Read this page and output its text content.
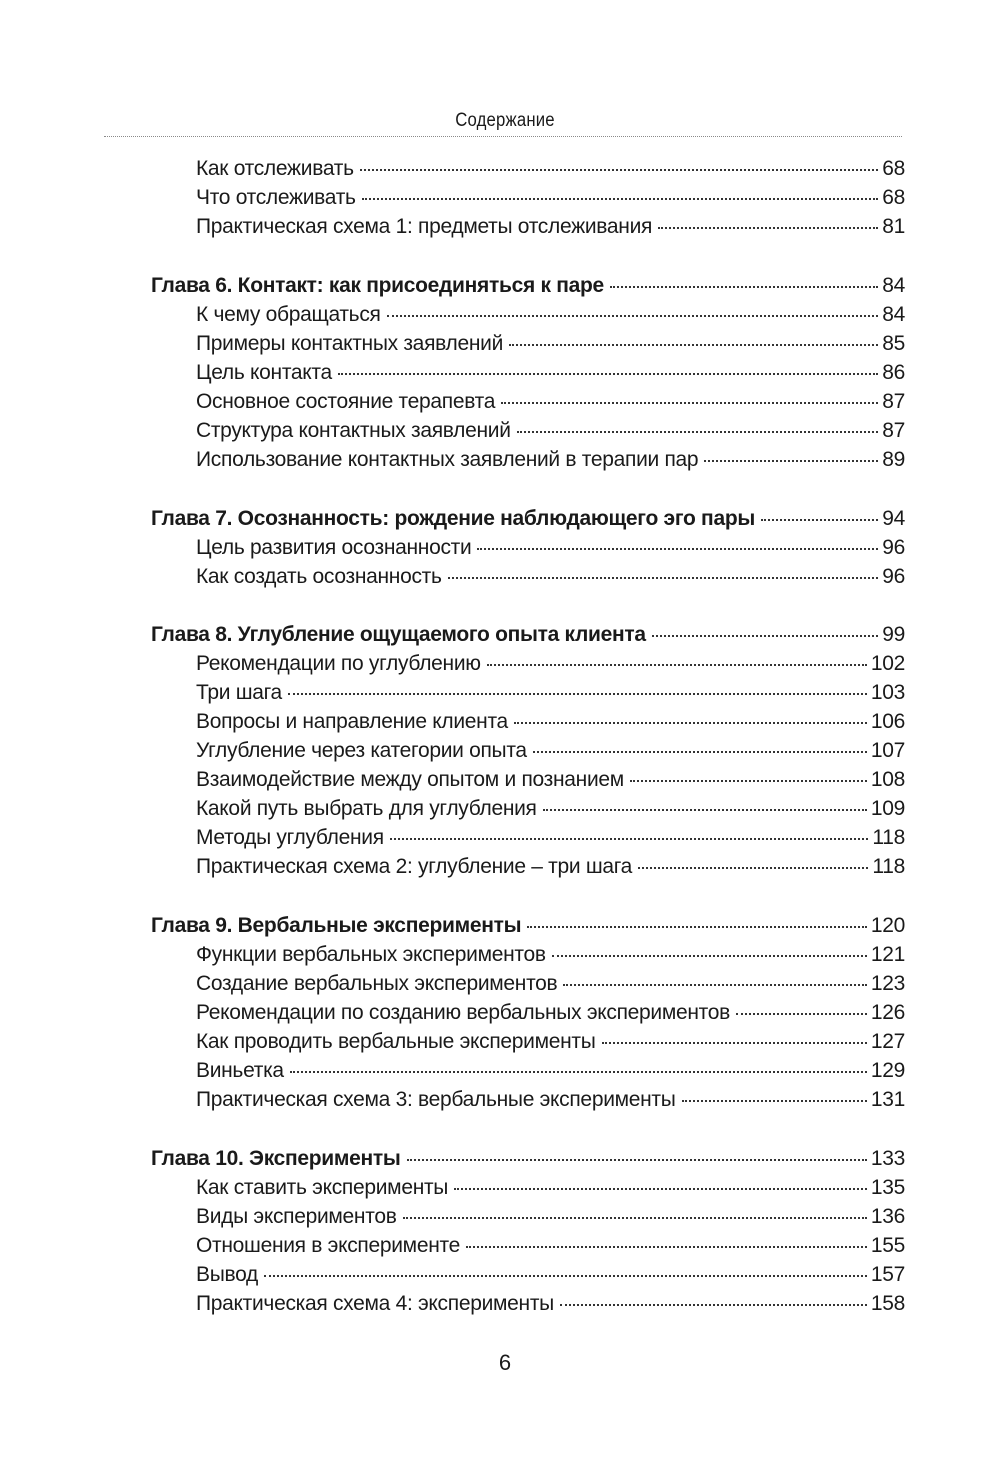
Содержание
Как отслеживать	68
Что отслеживать	68
Практическая схема 1: предметы отслеживания	81
Глава 6. Контакт: как присоединяться к паре	84
К чему обращаться	84
Примеры контактных заявлений	85
Цель контакта	86
Основное состояние терапевта	87
Структура контактных заявлений	87
Использование контактных заявлений в терапии пар	89
Глава 7. Осознанность: рождение наблюдающего эго пары	94
Цель развития осознанности	96
Как создать осознанность	96
Глава 8. Углубление ощущаемого опыта клиента	99
Рекомендации по углублению	102
Три шага	103
Вопросы и направление клиента	106
Углубление через категории опыта	107
Взаимодействие между опытом и познанием	108
Какой путь выбрать для углубления	109
Методы углубления	118
Практическая схема 2: углубление – три шага	118
Глава 9. Вербальные эксперименты	120
Функции вербальных экспериментов	121
Создание вербальных экспериментов	123
Рекомендации по созданию вербальных экспериментов	126
Как проводить вербальные эксперименты	127
Виньетка	129
Практическая схема 3: вербальные эксперименты	131
Глава 10. Эксперименты	133
Как ставить эксперименты	135
Виды экспериментов	136
Отношения в эксперименте	155
Вывод	157
Практическая схема 4: эксперименты	158
6
